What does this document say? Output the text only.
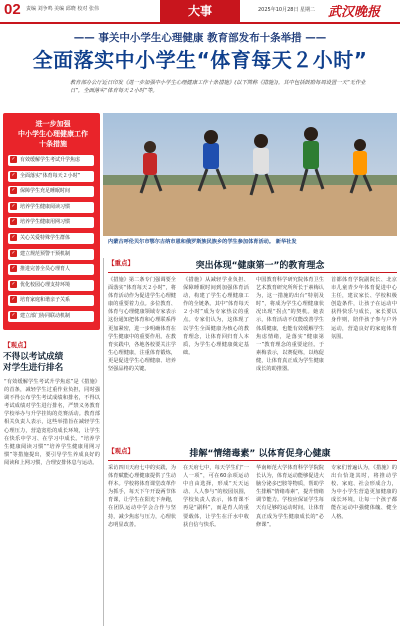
02 责编 刘争鸣 美编 邱晓 校对 张伟	大事	2025年10月28日 星期二 武汉晚报
—— 事关中小学生心理健康 教育部发布十条举措 ——
全面落实中小学生“体育每天２小时”
教育部办公厅近日印发《进一步加强中小学生心理健康工作十条措施》(以下简称《措施》)，其中包括鼓励每周设置一天“无作业日”，全面落实“体育每天２小时”等。
进一步加强
中小学生心理健康工作
十条措施
✓ 有效缓解学生考试升学焦虑
✓ 全面落实“体育每天２小时”
✓ 保障学生充足睡眠时间
✓ 培养学生健康阅读习惯
✓ 培养学生健康用网习惯
✓ 关心关爱特殊学生群体
✓ 建立规范预警干预机制
✓ 推进完善全员心理育人
✓ 优化校园心理支持环境
✓ 培育家庭和谐亲子关系
✓ 建立部门协同联动机制
内蒙古呼伦贝尔市鄂尔古纳市恩和俄罗斯族民族乡的学生参加体育活动。 新华社发
【重点】	突出体现“健康第一”的教育理念

《措施》第二条专门强调要全面落实“体育每天２小时”，将体育活动作为促进学生心理健康的重要着力点。多位教育、体育与心理健康领域专家表示这份通知把体育和心理联系得更加紧密，进一步明确体育在学生健康中的重要作用。在教育实践中，各地各校要关注学生心理健康，注重体育锻炼，更是促进学生心理健康、培养坚强品格的关键。

《措施》从减轻学业负担、保障睡眠时间到加强体育活动，构建了学生心理健康工作的全链条。其中“体育每天２小时”成为专家热议的重点。专家们认为，这体现了以学生全面健康为核心的教育理念，让体育回归育人本质，为学生心理健康奠定基础。

中国教育科学研究院体育卫生艺术教育研究所所长于素梅认为，这一措施的出台“特别及时”，将成为学生心理健康状况出现“拐点”的契机。她表示，体育活动不仅能改善学生体质健康，也能有效缓解学生焦虑情绪，是落实“健康第一”教育理念的重要途径。于素梅表示，以赛促练，以练促健，让体育真正成为学生健康成长的助推器。

首都体育学院副院长、北京市儿童青少年体育促进中心主任，建议家长、学校积极创造条件，让孩子在运动中获得快乐与成长，家长要以身作则，陪伴孩子参与户外运动，营造良好的家庭体育氛围。

【观点】
不得以考试成绩
对学生进行排名

“有效缓解学生考试升学焦虑”是《措施》的首条，减轻学生过重作业负担，同时强调不得公布学生考试成绩和排名，不得以考试成绩对学生进行排名，严禁义务教育学校举办与升学挂钩的竞赛活动。教育部相关负责人表示，这些举措旨在减轻学生心理压力，营造宽松的成长环境，让学生在快乐中学习、在学习中成长。“培养学生健康阅读习惯”“培养学生健康用网习惯”等措施提出，要引导学生养成良好的阅读和上网习惯，合理安排休息与运动。

【观点】	排解“情绪毒素” 以体育促身心健康

采访四川天府七中的实践，为体育赋能心理健康提供了生动样本。学校将体育课堂改革作为抓手，每天下午开设两节体育课，让学生在阳光下奔跑，在团队运动中学会合作与坚持，减少焦虑与压力，心理状态明显改善。

在天府七中，每天学生们“一人一项”，可在60余项运动中自由选择，形成“天天运动、人人参与”的校园氛围，学校负责人表示，体育课不再是“副科”，而是育人的重要载体，让学生在汗水中收获自信与快乐。

华南师范大学体育科学学院院长认为，体育运动能够促进大脑分泌多巴胺等物质，帮助学生排解“情绪毒素”，提升情绪调节能力。学校应保证学生每天有足够的运动时间，让体育真正成为学生健康成长的“必修课”。

专家们普遍认为，《措施》的出台恰逢其时，将推动学校、家庭、社会形成合力，为中小学生营造更加健康的成长环境，让每一个孩子都能在运动中强健体魄、健全人格。
